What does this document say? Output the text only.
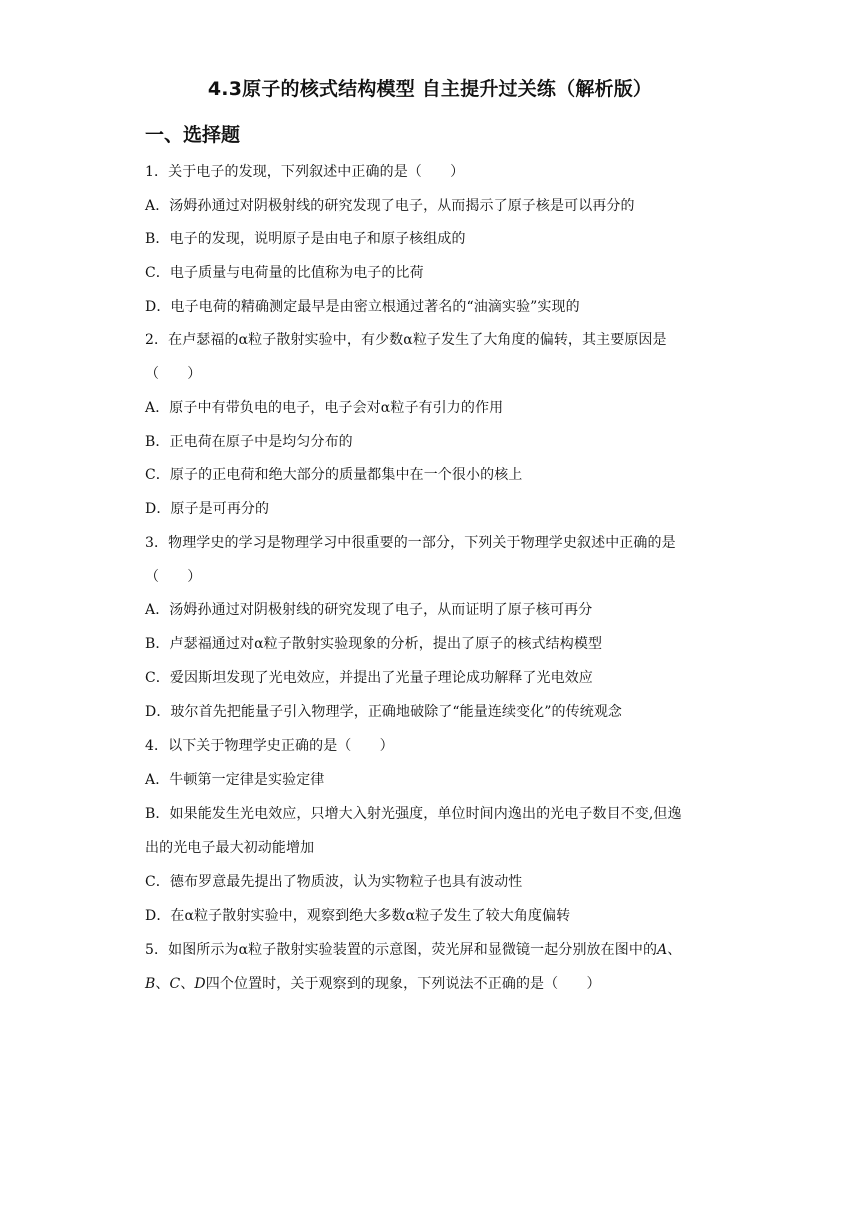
4.3原子的核式结构模型 自主提升过关练（解析版）
一、选择题
1．关于电子的发现，下列叙述中正确的是（　　）
A．汤姆孙通过对阴极射线的研究发现了电子，从而揭示了原子核是可以再分的
B．电子的发现，说明原子是由电子和原子核组成的
C．电子质量与电荷量的比值称为电子的比荷
D．电子电荷的精确测定最早是由密立根通过著名的“油滴实验”实现的
2．在卢瑟福的α粒子散射实验中，有少数α粒子发生了大角度的偏转，其主要原因是
（　　）
A．原子中有带负电的电子，电子会对α粒子有引力的作用
B．正电荷在原子中是均匀分布的
C．原子的正电荷和绝大部分的质量都集中在一个很小的核上
D．原子是可再分的
3．物理学史的学习是物理学习中很重要的一部分，下列关于物理学史叙述中正确的是
（　　）
A．汤姆孙通过对阴极射线的研究发现了电子，从而证明了原子核可再分
B．卢瑟福通过对α粒子散射实验现象的分析，提出了原子的核式结构模型
C．爱因斯坦发现了光电效应，并提出了光量子理论成功解释了光电效应
D．玻尔首先把能量子引入物理学，正确地破除了“能量连续变化”的传统观念
4．以下关于物理学史正确的是（　　）
A．牛顿第一定律是实验定律
B．如果能发生光电效应，只增大入射光强度，单位时间内逸出的光电子数目不变,但逸
出的光电子最大初动能增加
C．德布罗意最先提出了物质波，认为实物粒子也具有波动性
D．在α粒子散射实验中，观察到绝大多数α粒子发生了较大角度偏转
5．如图所示为α粒子散射实验装置的示意图，荧光屏和显微镜一起分别放在图中的A、
B、C、D四个位置时，关于观察到的现象，下列说法不正确的是（　　）
